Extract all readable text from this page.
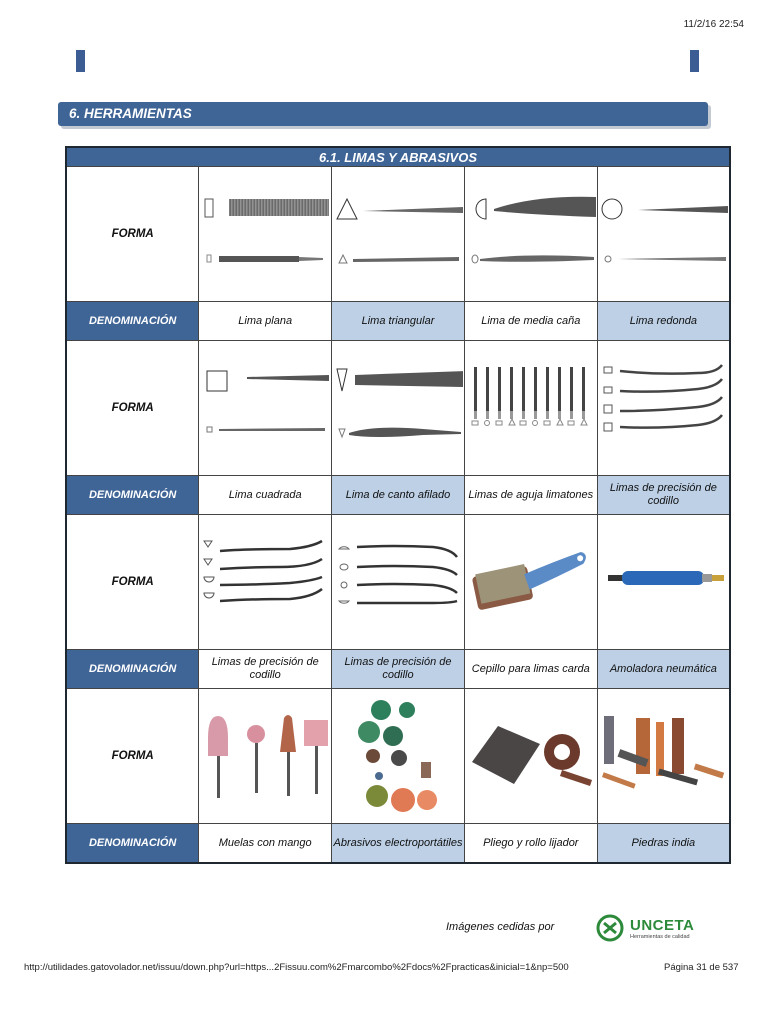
11/2/16 22:54
6. HERRAMIENTAS
6.1. LIMAS Y ABRASIVOS				
FORMA	

DENOMINACIÓN	Lima plana	Lima triangular	Lima de media caña	Lima redonda
FORMA	

DENOMINACIÓN	Lima cuadrada	Lima de canto afilado	Limas de aguja limatones	Limas de precisión de codillo
FORMA	

DENOMINACIÓN	Limas de precisión de codillo	Limas de precisión de codillo	Cepillo para limas carda	Amoladora neumática
FORMA	

DENOMINACIÓN	Muelas con mango	Abrasivos electroportátiles	Pliego y rollo lijador	Piedras india
Imágenes cedidas por	UNCETA
Herramientas de calidad
http://utilidades.gatovolador.net/issuu/down.php?url=https...2Fissuu.com%2Fmarcombo%2Fdocs%2Fpracticas&inicial=1&np=500	Página 31 de 537
